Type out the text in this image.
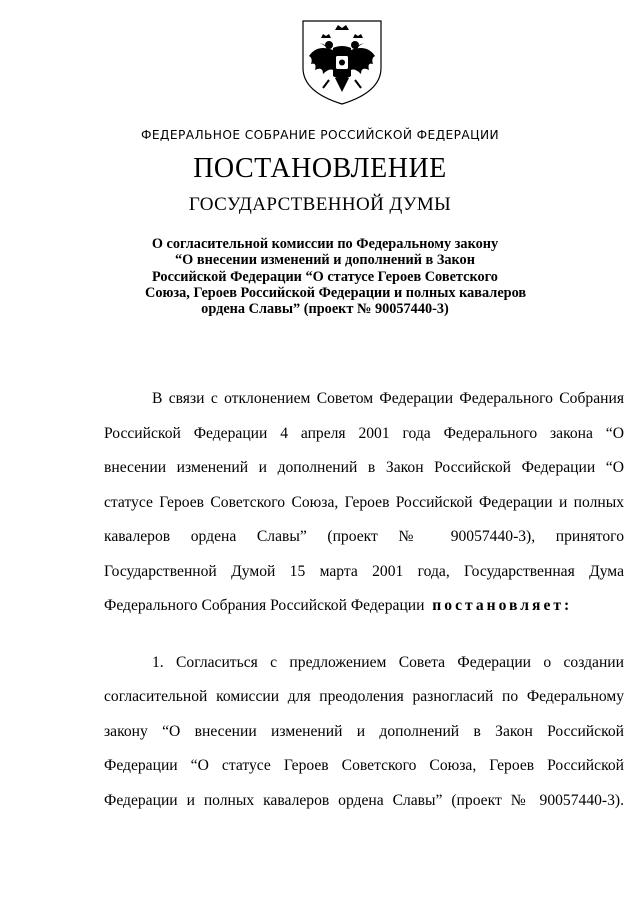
ФЕДЕРАЛЬНОЕ СОБРАНИЕ РОССИЙСКОЙ ФЕДЕРАЦИИ
ПОСТАНОВЛЕНИЕ
ГОСУДАРСТВЕННОЙ ДУМЫ
О согласительной комиссии по Федеральному закону
“О внесении изменений и дополнений в Закон
Российской Федерации “О статусе Героев Советского
Союза, Героев Российской Федерации и полных кавалеров
ордена Славы” (проект № 90057440-3)
В связи с отклонением Советом Федерации Федерального Собрания
Российской Федерации 4 апреля 2001 года Федерального закона “О
внесении изменений и дополнений в Закон Российской Федерации “О
статусе Героев Советского Союза, Героев Российской Федерации и полных
кавалеров ордена Славы” (проект № 90057440-3), принятого
Государственной Думой 15 марта 2001 года, Государственная Дума
Федерального Собрания Российской Федерации постановляет:
1. Согласиться с предложением Совета Федерации о создании
согласительной комиссии для преодоления разногласий по Федеральному
закону “О внесении изменений и дополнений в Закон Российской
Федерации “О статусе Героев Советского Союза, Героев Российской
Федерации и полных кавалеров ордена Славы” (проект № 90057440-3).
